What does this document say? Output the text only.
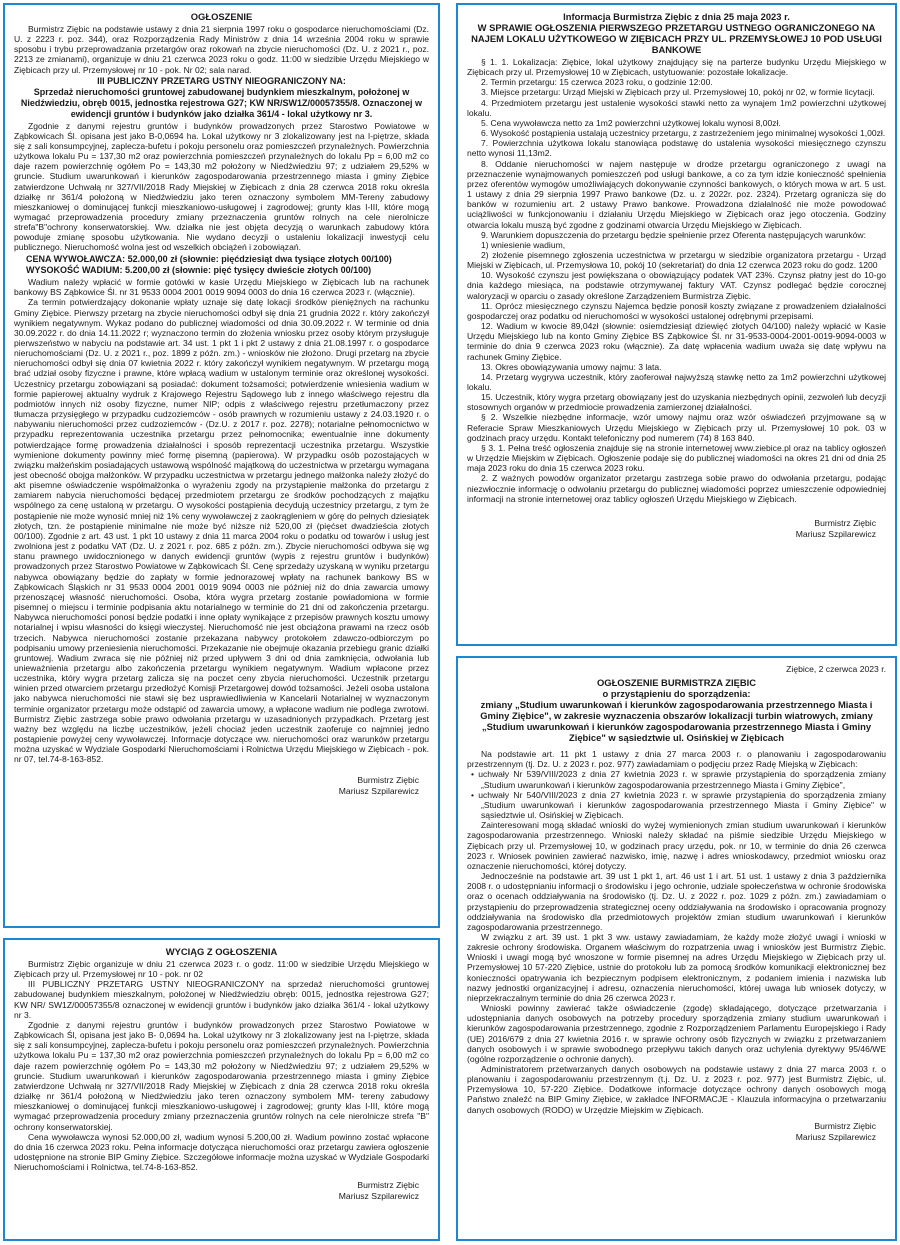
OGŁOSZENIE

Burmistrz Ziębic na podstawie ustawy z dnia 21 sierpnia 1997 roku o gospodarce nieruchomościami (Dz. U. z 2223 r. poz. 344), oraz Rozporządzenia Rady Ministrów z dnia 14 września 2004 roku w sprawie sposobu i trybu przeprowadzania przetargów oraz rokowań na zbycie nieruchomości (Dz. U. z 2021 r., poz. 2213 ze zmianami), organizuje w dniu 21 czerwca 2023 roku o godz. 11:00 w siedzibie Urzędu Miejskiego w Ziębicach przy ul. Przemysłowej nr 10 - pok. Nr 02; sala narad.

III PUBLICZNY PRZETARG USTNY NIEOGRANICZONY NA:
Sprzedaż nieruchomości gruntowej zabudowanej budynkiem mieszkalnym, położonej w Niedźwiedziu, obręb 0015, jednostka rejestrowa G27; KW NR/SW1Z/00057355/8. Oznaczonej w ewidencji gruntów i budynków jako działka 361/4 - lokal użytkowy nr 3.

Zgodnie z danymi rejestru gruntów i budynków prowadzonych przez Starostwo Powiatowe w Ząbkowicach Śl. opisana jest jako B-0,0694 ha. Lokal użytkowy nr 3 zlokalizowany jest na I-piętrze, składa się z sali konsumpcyjnej, zaplecza-bufetu i pokoju personelu oraz pomieszczeń przynależnych. Powierzchnia użytkowa lokalu Pu = 137,30 m2 oraz powierzchnia pomieszczeń przynależnych do lokalu Pp = 6,00 m2 co daje razem powierzchnię ogółem Po = 143,30 m2 położony w Niedźwiedziu 97; z udziałem 29,52% w gruncie. Studium uwarunkowań i kierunków zagospodarowania przestrzennego miasta i gminy Ziębice zatwierdzone Uchwałą nr 327/VII/2018 Rady Miejskiej w Ziębicach z dnia 28 czerwca 2018 roku określa działkę nr 361/4 położoną w Niedźwiedziu jako teren oznaczony symbolem MM-Tereny zabudowy mieszkaniowej o dominującej funkcji mieszkaniowo-usługowej i zagrodowej; grunty klas I-III, które mogą wymagać przeprowadzenia procedury zmiany przeznaczenia gruntów rolnych na cele nierolnicze strefa"B"ochrony konserwatorskiej. Ww. działka nie jest objęta decyzją o warunkach zabudowy która powoduje zmianę sposobu użytkowania. Nie wydano decyzji o ustaleniu lokalizacji inwestycji celu publicznego. Nieruchomość wolna jest od wszelkich obciążeń i zobowiązań.

CENA WYWOŁAWCZA: 52.000,00 zł (słownie: pięćdziesiąt dwa tysiące złotych 00/100)
WYSOKOŚĆ WADIUM: 5.200,00 zł (słownie: pięć tysięcy dwieście złotych 00/100)

Wadium należy wpłacić w formie gotówki w kasie Urzędu Miejskiego w Ziębicach lub na rachunek bankowy BS Ząbkowice Śl. nr 31 9533 0004 2001 0019 9094 0003 do dnia 16 czerwca 2023 r. (włącznie).

Za termin potwierdzający dokonanie wpłaty uznaje się datę lokacji środków pieniężnych na rachunku Gminy Ziębice. Pierwszy przetarg na zbycie nieruchomości odbył się dnia 21 grudnia 2022 r. który zakończył wynikiem negatywnym. Wykaz podano do publicznej wiadomości od dnia 30.09.2022 r. W terminie od dnia 30.09.2022 r. do dnia 14.11.2022 r; wyznaczono termin do złożenia wniosku przez osoby którym przysługuje pierwszeństwo w nabyciu na podstawie art. 34 ust. 1 pkt 1 i pkt 2 ustawy z dnia 21.08.1997 r. o gospodarce nieruchomościami (Dz. U. z 2021 r., poz. 1899 z późn. zm.) - wniosków nie złożono. Drugi przetarg na zbycie nieruchomości odbył się dnia 07 kwietnia 2022 r. który zakończył wynikiem negatywnym. W przetargu mogą brać udział osoby fizyczne i prawne, które wpłacą wadium w ustalonym terminie oraz określonej wysokości. Uczestnicy przetargu zobowiązani są posiadać: dokument tożsamości; potwierdzenie wniesienia wadium w formie papierowej aktualny wydruk z Krajowego Rejestru Sądowego lub z innego właściwego rejestru dla podmiotów innych niż osoby fizyczne, numer NIP; odpis z właściwego rejestru przetłumaczony przez tłumacza przysięgłego w przypadku cudzoziemców - osób prawnych w rozumieniu ustawy z 24.03.1920 r. o nabywaniu nieruchomości przez cudzoziemców - (Dz.U. z 2017 r. poz. 2278); notarialne pełnomocnictwo w przypadku reprezentowania uczestnika przetargu przez pełnomocnika; ewentualnie inne dokumenty potwierdzające formę prowadzenia działalności i sposób reprezentacji uczestnika przetargu. Wszystkie wymienione dokumenty powinny mieć formę pisemną (papierowa). W przypadku osób pozostających w związku małżeńskim posiadających ustawową wspólność majątkową do uczestnictwa w przetargu wymagana jest obecność obojga małżonków. W przypadku uczestnictwa w przetargu jednego małżonka należy złożyć do akt pisemne oświadczenie współmałżonka o wyrażeniu zgody na przystąpienie małżonka do przetargu z zamiarem nabycia nieruchomości będącej przedmiotem przetargu ze środków pochodzących z majątku wspólnego za cenę ustaloną w przetargu. O wysokości postąpienia decydują uczestnicy przetargu, z tym że postąpienie nie może wynosić mniej niż 1% ceny wywoławczej z zaokrągleniem w górę do pełnych dziesiątek złotych, tzn. że postąpienie minimalne nie może być niższe niż 520,00 zł (pięćset dwadzieścia złotych 00/100). Zgodnie z art. 43 ust. 1 pkt 10 ustawy z dnia 11 marca 2004 roku o podatku od towarów i usług jest zwolniona jest z podatku VAT (Dz. U. z 2021 r. poz. 685 z późn. zm.). Zbycie nieruchomości odbywa się wg stanu prawnego uwidocznionego w danych ewidencji gruntów (wypis z rejestru gruntów i budynków) prowadzonych przez Starostwo Powiatowe w Ząbkowicach Śl. Cenę sprzedaży uzyskaną w wyniku przetargu nabywca obowiązany będzie do zapłaty w formie jednorazowej wpłaty na rachunek bankowy BS w Ząbkowicach Śląskich nr 31 9533 0004 2001 0019 9094 0003 nie później niż do dnia zawarcia umowy przenoszącej własność nieruchomości. Osoba, która wygra przetarg zostanie powiadomiona w formie pisemnej o miejscu i terminie podpisania aktu notarialnego w terminie do 21 dni od zakończenia przetargu. Nabywca nieruchomości ponosi będzie podatki i inne opłaty wynikające z przepisów prawnych kosztu umowy notarialnej i wpisu własności do księgi wieczystej. Nieruchomość nie jest obciążona prawami na rzecz osób trzecich. Nabywca nieruchomości zostanie przekazana nabywcy protokołem zdawczo-odbiorczym po podpisaniu umowy przeniesienia nieruchomości. Przekazanie nie obejmuje okazania przebiegu granic działki gruntowej. Wadium zwraca się nie później niż przed upływem 3 dni od dnia zamknięcia, odwołania lub unieważnienia przetargu albo zakończenia przetargu wynikiem negatywnym. Wadium wpłacone przez uczestnika, który wygra przetarg zalicza się na poczet ceny zbycia nieruchomości. Uczestnik przetargu winien przed otwarciem przetargu przedłożyć Komisji Przetargowej dowód tożsamości. Jeżeli osoba ustalona jako nabywca nieruchomości nie stawi się bez usprawiedliwienia w Kancelarii Notarialnej w wyznaczonym terminie organizator przetargu może odstąpić od zawarcia umowy, a wpłacone wadium nie podlega zwrotowi. Burmistrz Ziębic zastrzega sobie prawo odwołania przetargu w uzasadnionych przypadkach. Przetarg jest ważny bez względu na liczbę uczestników, jeżeli chociaż jeden uczestnik zaoferuje co najmniej jedno postąpienie powyżej ceny wywoławczej. Informacje dotyczące ww. nieruchomości oraz warunków przetargu można uzyskać w Wydziale Gospodarki Nieruchomościami i Rolnictwa Urzędu Miejskiego w Ziębicach - pok. nr 07, tel.74-8-163-852.

Burmistrz Ziębic
Mariusz Szpilarewicz
WYCIĄG Z OGŁOSZENIA

Burmistrz Ziębic organizuje w dniu 21 czerwca 2023 r. o godz. 11:00 w siedzibie Urzędu Miejskiego w Ziębicach przy ul. Przemysłowej nr 10 - pok. nr 02

III PUBLICZNY PRZETARG USTNY NIEOGRANICZONY na sprzedaż nieruchomości gruntowej zabudowanej budynkiem mieszkalnym, położonej w Niedźwiedziu obręb: 0015, jednostka rejestrowa G27; KW NR/ SW1Z/00057355/8 oznaczonej w ewidencji gruntów i budynków jako działka 361/4 - lokal użytkowy nr 3.

Zgodnie z danymi rejestru gruntów i budynków prowadzonych przez Starostwo Powiatowe w Ząbkowicach Śl, opisana jest jako B- 0,0694 ha. Lokal użytkowy nr 3 zlokalizowany jest na I-piętrze, składa się z sali konsumpcyjnej, zaplecza-bufetu i pokoju personelu oraz pomieszczeń przynależnych. Powierzchnia użytkowa lokalu Pu = 137,30 m2 oraz powierzchnia pomieszczeń przynależnych do lokalu Pp = 6,00 m2 co daje razem powierzchnię ogółem Po = 143,30 m2 położony w Niedźwiedziu 97; z udziałem 29,52% w gruncie. Studium uwarunkowań i kierunków zagospodarowania przestrzennego miasta i gminy Ziębice zatwierdzone Uchwałą nr 327/VII/2018 Rady Miejskiej w Ziębicach z dnia 28 czerwca 2018 roku określa działkę nr 361/4 położoną w Niedźwiedziu jako teren oznaczony symbolem MM- tereny zabudowy mieszkaniowej o dominującej funkcji mieszkaniowo-usługowej i zagrodowej; grunty klas I-III, które mogą wymagać przeprowadzenia procedury zmiany przeznaczenia gruntów rolnych na cele nierolnicze strefa "B" ochrony konserwatorskiej.

Cena wywoławcza wynosi 52.000,00 zł, wadium wynosi 5.200,00 zł. Wadium powinno zostać wpłacone do dnia 16 czerwca 2023 roku. Pełna informacje dotycząca nieruchomości oraz przetargu zawiera ogłoszenie udostępnione na stronie BIP Gminy Ziębice. Szczegółowe informacje można uzyskać w Wydziale Gospodarki Nieruchomościami i Rolnictwa, tel.74-8-163-852.

Burmistrz Ziębic
Mariusz Szpilarewicz
Informacja Burmistrza Ziębic z dnia 25 maja 2023 r.
W SPRAWIE OGŁOSZENIA PIERWSZEGO PRZETARGU USTNEGO OGRANICZONEGO NA NAJEM LOKALU UŻYTKOWEGO W ZIĘBICACH PRZY UL. PRZEMYSŁOWEJ 10 POD USŁUGI BANKOWE

§ 1. 1. Lokalizacja: Ziębice, lokal użytkowy znajdujący się na parterze budynku Urzędu Miejskiego w Ziębicach przy ul. Przemysłowej 10 w Ziębicach, ustytuowanie: pozostałe lokalizacje.

2. Termin przetargu: 15 czerwca 2023 roku, o godzinie 12:00.

3. Miejsce przetargu: Urząd Miejski w Ziębicach przy ul. Przemysłowej 10, pokój nr 02, w formie licytacji.

4. Przedmiotem przetargu jest ustalenie wysokości stawki netto za wynajem 1m2 powierzchni użytkowej lokalu.

5. Cena wywoławcza netto za 1m2 powierzchni użytkowej lokalu wynosi 8,00zł.

6. Wysokość postąpienia ustalają uczestnicy przetargu, z zastrzeżeniem jego minimalnej wysokości 1,00zł.

7. Powierzchnia użytkowa lokalu stanowiąca podstawę do ustalenia wysokości miesięcznego czynszu netto wynosi 11,13m2.

8. Oddanie nieruchomości w najem następuje w drodze przetargu ograniczonego z uwagi na przeznaczenie wynajmowanych pomieszczeń pod usługi bankowe, a co za tym idzie konieczność spełnienia przez oferentów wymogów umożliwiających dokonywanie czynności bankowych, o których mowa w art. 5 ust. 1 ustawy z dnia 29 sierpnia 1997 Prawo bankowe (Dz. u. z 2022r. poz. 2324). Przetarg ogranicza się do banków w rozumieniu art. 2 ustawy Prawo bankowe. Prowadzona działalność nie może powodować uciążliwości w funkcjonowaniu i działaniu Urzędu Miejskiego w Ziębicach oraz jego otoczenia. Godziny otwarcia lokalu muszą być zgodne z godzinami otwarcia Urzędu Miejskiego w Ziębicach.

9. Warunkiem dopuszczenia do przetargu będzie spełnienie przez Oferenta następujących warunków:

1) wniesienie wadium,

2) złożenie pisemnego zgłoszenia uczestnictwa w przetargu w siedzibie organizatora przetargu - Urząd Miejski w Ziębicach, ul. Przemysłowa 10, pokój 10 (sekretariat) do dnia 12 czerwca 2023 roku do godz. 1200

10. Wysokość czynszu jest powiększana o obowiązujący podatek VAT 23%. Czynsz płatny jest do 10-go dnia każdego miesiąca, na podstawie otrzymywanej faktury VAT. Czynsz podlegać będzie corocznej waloryzacji w oparciu o zasady określone Zarządzeniem Burmistrza Ziębic.

11. Oprócz miesięcznego czynszu Najemca będzie ponosił koszty związane z prowadzeniem działalności gospodarczej oraz podatku od nieruchomości w wysokości ustalonej odrębnymi przepisami.

12. Wadium w kwocie 89,04zł (słownie: osiemdziesiąt dziewięć złotych 04/100) należy wpłacić w Kasie Urzędu Miejskiego lub na konto Gminy Ziębice BS Ząbkowice Śl. nr 31-9533-0004-2001-0019-9094-0003 w terminie do dnia 9 czerwca 2023 roku (włącznie). Za datę wpłacenia wadium uważa się datę wpływu na rachunek Gminy Ziębice.

13. Okres obowiązywania umowy najmu: 3 lata.

14. Przetarg wygrywa uczestnik, który zaoferował najwyższą stawkę netto za 1m2 powierzchni użytkowej lokalu.

15. Uczestnik, który wygra przetarg obowiązany jest do uzyskania niezbędnych opinii, zezwoleń lub decyzji stosownych organów w przedmiocie prowadzenia zamierzonej działalności.

§ 2. Wszelkie niezbędne informacje, wzór umowy najmu oraz wzór oświadczeń przyjmowane są w Referacie Spraw Mieszkaniowych Urzędu Miejskiego w Ziębicach przy ul. Przemysłowej 10 pok. 03 w godzinach pracy urzędu. Kontakt telefoniczny pod numerem (74) 8 163 840.

§ 3. 1. Pełna treść ogłoszenia znajduje się na stronie internetowej www.ziebice.pl oraz na tablicy ogłoszeń w Urzędzie Miejskim w Ziębicach. Ogłoszenie podaje się do publicznej wiadomości na okres 21 dni od dnia 25 maja 2023 roku do dnia 15 czerwca 2023 roku.

2. Z ważnych powodów organizator przetargu zastrzega sobie prawo do odwołania przetargu, podając niezwłocznie informację o odwołaniu przetargu do publicznej wiadomości poprzez umieszczenie odpowiedniej informacji na stronie internetowej oraz tablicy ogłoszeń Urzędu Miejskiego w Ziębicach.

Burmistrz Ziębic
Mariusz Szpilarewicz
Ziębice, 2 czerwca 2023 r.
OGŁOSZENIE BURMISTRZA ZIĘBIC
o przystąpieniu do sporządzenia:
zmiany „Studium uwarunkowań i kierunków zagospodarowania przestrzennego Miasta i Gminy Ziębice", w zakresie wyznaczenia obszarów lokalizacji turbin wiatrowych, zmiany „Studium uwarunkowań i kierunków zagospodarowania przestrzennego Miasta i Gminy Ziębice" w sąsiedztwie ul. Osińskiej w Ziębicach

Na podstawie art. 11 pkt 1 ustawy z dnia 27 marca 2003 r. o planowaniu i zagospodarowaniu przestrzennym (tj. Dz. U. z 2023 r. poz. 977) zawiadamiam o podjęciu przez Radę Miejską w Ziębicach:

• uchwały Nr 539/VIII/2023 z dnia 27 kwietnia 2023 r. w sprawie przystąpienia do sporządzenia zmiany „Studium uwarunkowań i kierunków zagospodarowania przestrzennego Miasta i Gminy Ziębice",

• uchwały Nr 540/VIII/2023 z dnia 27 kwietnia 2023 r. w sprawie przystąpienia do sporządzenia zmiany „Studium uwarunkowań i kierunków zagospodarowania przestrzennego Miasta i Gminy Ziębice" w sąsiedztwie ul. Osińskiej w Ziębicach.

Zainteresowani mogą składać wnioski do wyżej wymienionych zmian studium uwarunkowań i kierunków zagospodarowania przestrzennego. Wnioski należy składać na piśmie siedzibie Urzędu Miejskiego w Ziębicach przy ul. Przemysłowej 10, w godzinach pracy urzędu, pok. nr 10, w terminie do dnia 26 czerwca 2023 r. Wniosek powinien zawierać nazwisko, imię, nazwę i adres wnioskodawcy, przedmiot wniosku oraz oznaczenie nieruchomości, której dotyczy.

Jednocześnie na podstawie art. 39 ust 1 pkt 1, art. 46 ust 1 i art. 51 ust. 1 ustawy z dnia 3 października 2008 r. o udostępnianiu informacji o środowisku i jego ochronie, udziale społeczeństwa w ochronie środowiska oraz o ocenach oddziaływania na środowisko (tj. Dz. U. z 2022 r. poz. 1029 z późn. zm.) zawiadamiam o przystąpieniu do przeprowadzenia strategicznej oceny oddziaływania na środowisko i opracowania prognozy oddziaływania na środowisko dla przedmiotowych projektów zmian studium uwarunkowań i kierunków zagospodarowania przestrzennego.

W związku z art. 39 ust. 1 pkt 3 ww. ustawy zawiadamiam, że każdy może złożyć uwagi i wnioski w zakresie ochrony środowiska. Organem właściwym do rozpatrzenia uwag i wniosków jest Burmistrz Ziębic. Wnioski i uwagi mogą być wnoszone w formie pisemnej na adres Urzędu Miejskiego w Ziębicach przy ul. Przemysłowej 10 57-220 Ziębice, ustnie do protokołu lub za pomocą środków komunikacji elektronicznej bez konieczności opatrywania ich bezpiecznym podpisem elektronicznym, z podaniem imienia i nazwiska lub nazwy jednostki organizacyjnej i adresu, oznaczenia nieruchomości, której uwaga lub wniosek dotyczy, w nieprzekraczalnym terminie do dnia 26 czerwca 2023 r.

Wnioski powinny zawierać także oświadczenie (zgodę) składającego, dotyczące przetwarzania i udostępniania danych osobowych na potrzeby procedury sporządzenia zmiany studium uwarunkowań i kierunków zagospodarowania przestrzennego, zgodnie z Rozporządzeniem Parlamentu Europejskiego i Rady (UE) 2016/679 z dnia 27 kwietnia 2016 r. w sprawie ochrony osób fizycznych w związku z przetwarzaniem danych osobowych i w sprawie swobodnego przepływu takich danych oraz uchylenia dyrektywy 95/46/WE (ogólne rozporządzenie o ochronie danych).

Administratorem przetwarzanych danych osobowych na podstawie ustawy z dnia 27 marca 2003 r. o planowaniu i zagospodarowaniu przestrzennym (t.j. Dz. U. z 2023 r. poz. 977) jest Burmistrz Ziębic, ul. Przemysłowa 10, 57-220 Ziębice. Dodatkowe informacje dotyczące ochrony danych osobowych mogą Państwo znaleźć na BIP Gminy Ziębice, w zakładce INFORMACJE - Klauzula informacyjna o przetwarzaniu danych osobowych (RODO) w Urzędzie Miejskim w Ziębicach.

Burmistrz Ziębic
Mariusz Szpilarewicz
